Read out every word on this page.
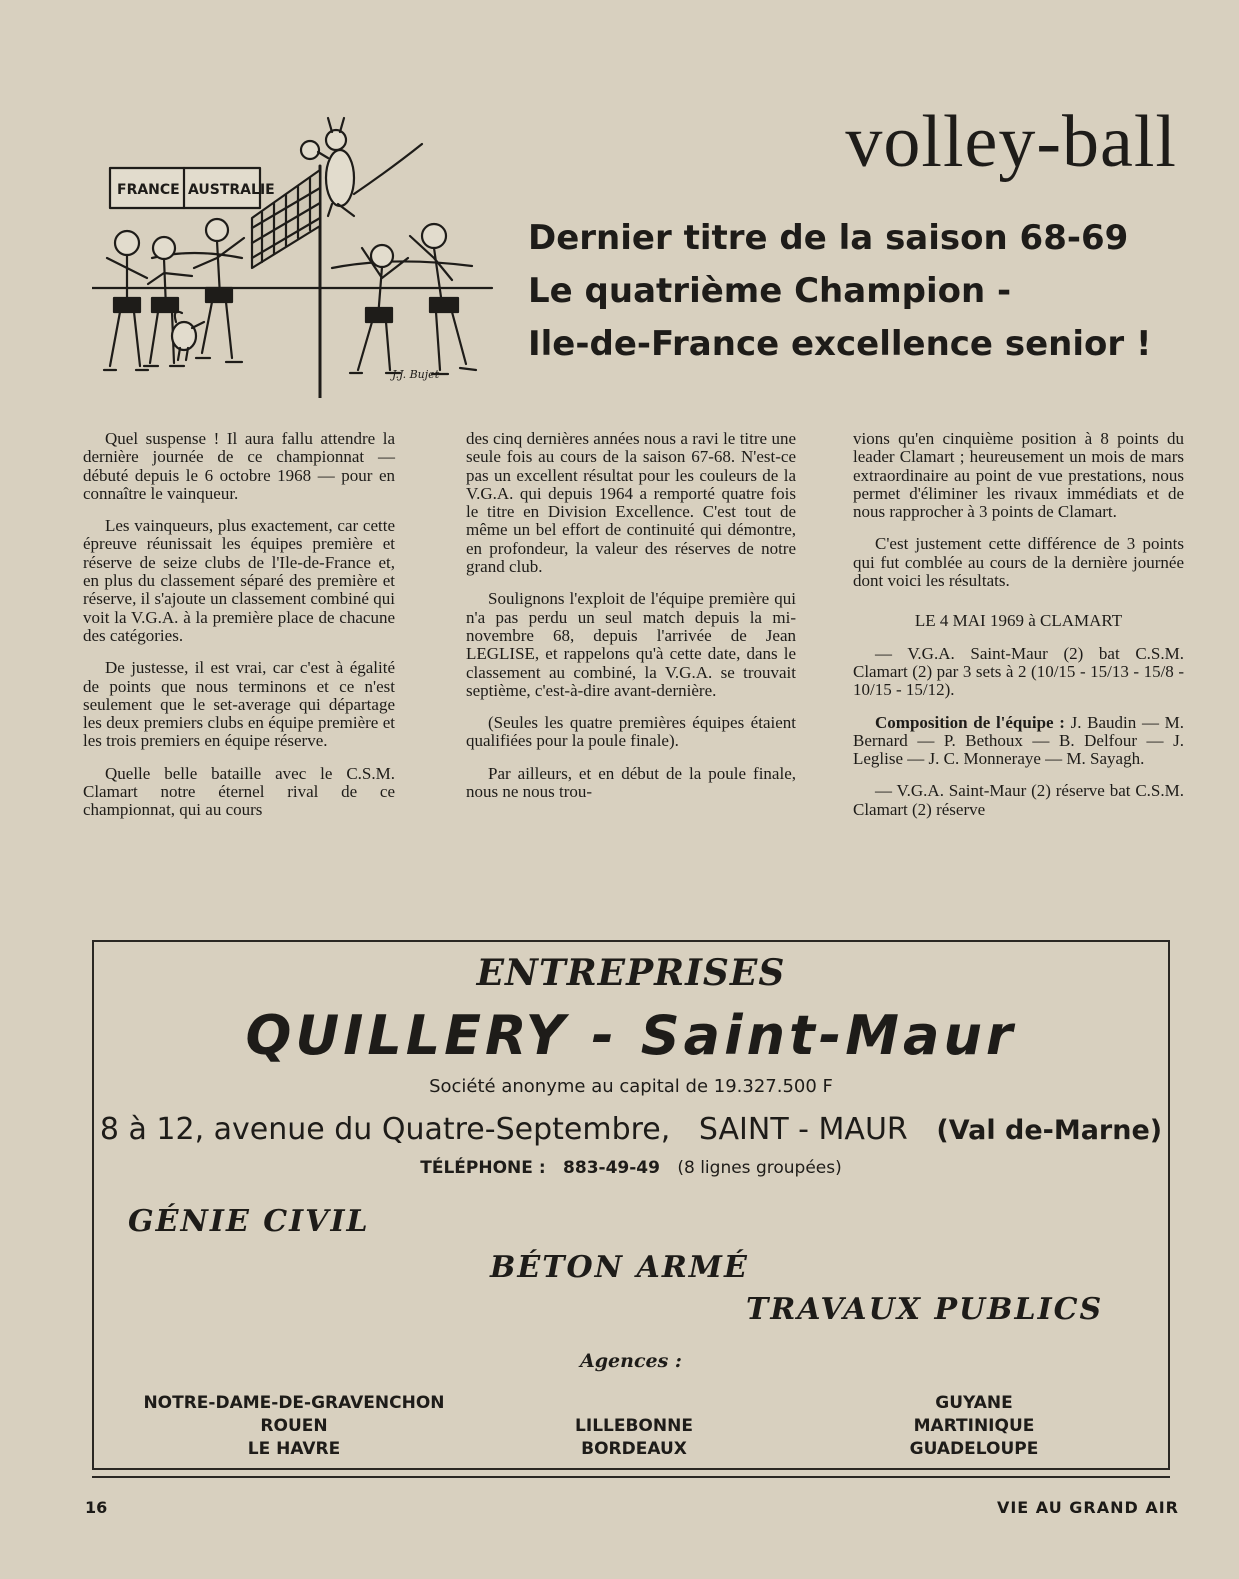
FRANCE AUSTRALIE
J.J. Bujet
volley-ball
Dernier titre de la saison 68-69
Le quatrième Champion -
Ile-de-France excellence senior !

Quel suspense ! Il aura fallu attendre la dernière journée de ce championnat — débuté depuis le 6 octobre 1968 — pour en connaître le vainqueur.

Les vainqueurs, plus exactement, car cette épreuve réunissait les équipes première et réserve de seize clubs de l'Ile-de-France et, en plus du classement séparé des première et réserve, il s'ajoute un classement combiné qui voit la V.G.A. à la première place de chacune des catégories.

De justesse, il est vrai, car c'est à égalité de points que nous terminons et ce n'est seulement que le set-average qui départage les deux premiers clubs en équipe première et les trois premiers en équipe réserve.

Quelle belle bataille avec le C.S.M. Clamart notre éternel rival de ce championnat, qui au cours

des cinq dernières années nous a ravi le titre une seule fois au cours de la saison 67-68. N'est-ce pas un excellent résultat pour les couleurs de la V.G.A. qui depuis 1964 a remporté quatre fois le titre en Division Excellence. C'est tout de même un bel effort de continuité qui démontre, en profondeur, la valeur des réserves de notre grand club.

Soulignons l'exploit de l'équipe première qui n'a pas perdu un seul match depuis la mi-novembre 68, depuis l'arrivée de Jean LEGLISE, et rappelons qu'à cette date, dans le classement au combiné, la V.G.A. se trouvait septième, c'est-à-dire avant-dernière.

(Seules les quatre premières équipes étaient qualifiées pour la poule finale).

Par ailleurs, et en début de la poule finale, nous ne nous trou-

vions qu'en cinquième position à 8 points du leader Clamart ; heureusement un mois de mars extraordinaire au point de vue prestations, nous permet d'éliminer les rivaux immédiats et de nous rapprocher à 3 points de Clamart.

C'est justement cette différence de 3 points qui fut comblée au cours de la dernière journée dont voici les résultats.

LE 4 MAI 1969 à CLAMART

— V.G.A. Saint-Maur (2) bat C.S.M. Clamart (2) par 3 sets à 2 (10/15 - 15/13 - 15/8 - 10/15 - 15/12).

Composition de l'équipe : J. Baudin — M. Bernard — P. Bethoux — B. Delfour — J. Leglise — J. C. Monneraye — M. Sayagh.

— V.G.A. Saint-Maur (2) réserve bat C.S.M. Clamart (2) réserve

ENTREPRISES
QUILLERY - Saint-Maur
Société anonyme au capital de 19.327.500 F
8 à 12, avenue du Quatre-Septembre, SAINT - MAUR (Val de-Marne)
TÉLÉPHONE : 883-49-49 (8 lignes groupées)
GÉNIE CIVIL
BÉTON ARMÉ
TRAVAUX PUBLICS
Agences :
NOTRE-DAME-DE-GRAVENCHON
ROUEN
LE HAVRE
LILLEBONNE
BORDEAUX
GUYANE
MARTINIQUE
GUADELOUPE
16	VIE AU GRAND AIR
